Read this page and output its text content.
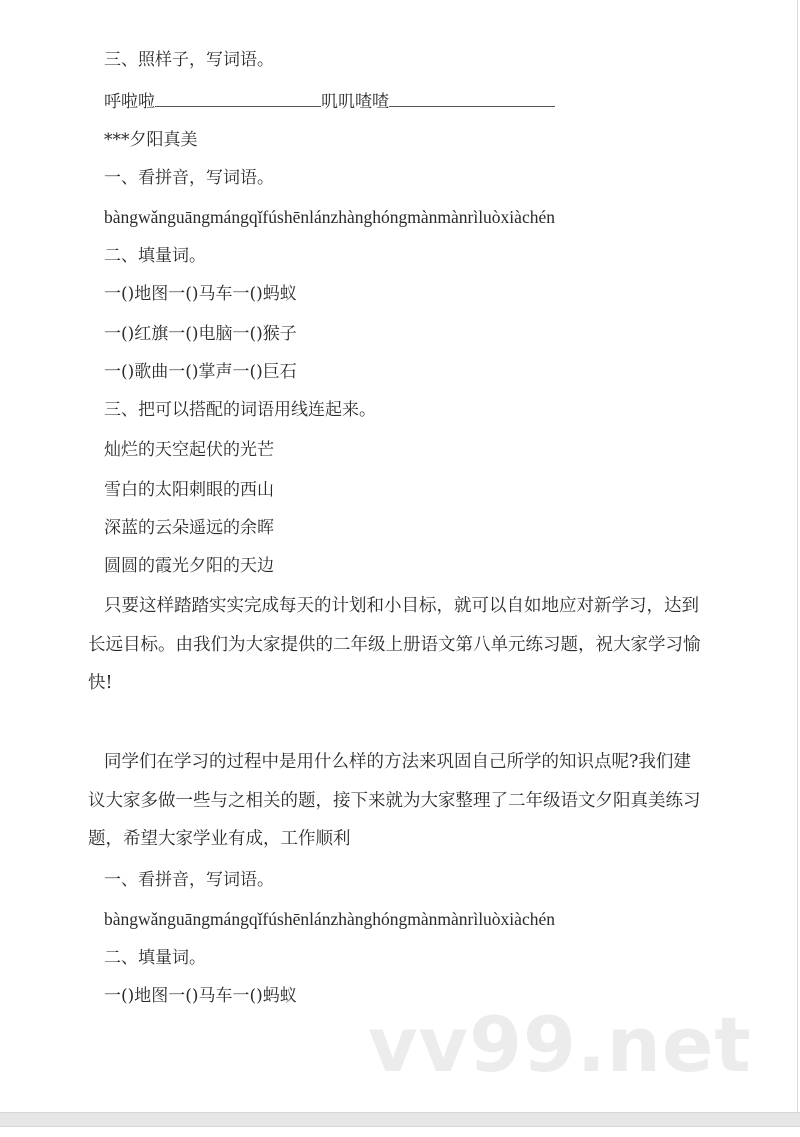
三、照样子，写词语。
呼啦啦	叽叽喳喳
***夕阳真美
一、看拼音，写词语。
bàngwǎnguāngmángqǐfúshēnlánzhànghóngmànmànrìluòxiàchén
二、填量词。
一()地图一()马车一()蚂蚁
一()红旗一()电脑一()猴子
一()歌曲一()掌声一()巨石
三、把可以搭配的词语用线连起来。
灿烂的天空起伏的光芒
雪白的太阳刺眼的西山
深蓝的云朵遥远的余晖
圆圆的霞光夕阳的天边
只要这样踏踏实实完成每天的计划和小目标，就可以自如地应对新学习，达到长远目标。由我们为大家提供的二年级上册语文第八单元练习题，祝大家学习愉快!
同学们在学习的过程中是用什么样的方法来巩固自己所学的知识点呢?我们建议大家多做一些与之相关的题，接下来就为大家整理了二年级语文夕阳真美练习题，希望大家学业有成，工作顺利
一、看拼音，写词语。
bàngwǎnguāngmángqǐfúshēnlánzhànghóngmànmànrìluòxiàchén
二、填量词。
一()地图一()马车一()蚂蚁
vv99.net
